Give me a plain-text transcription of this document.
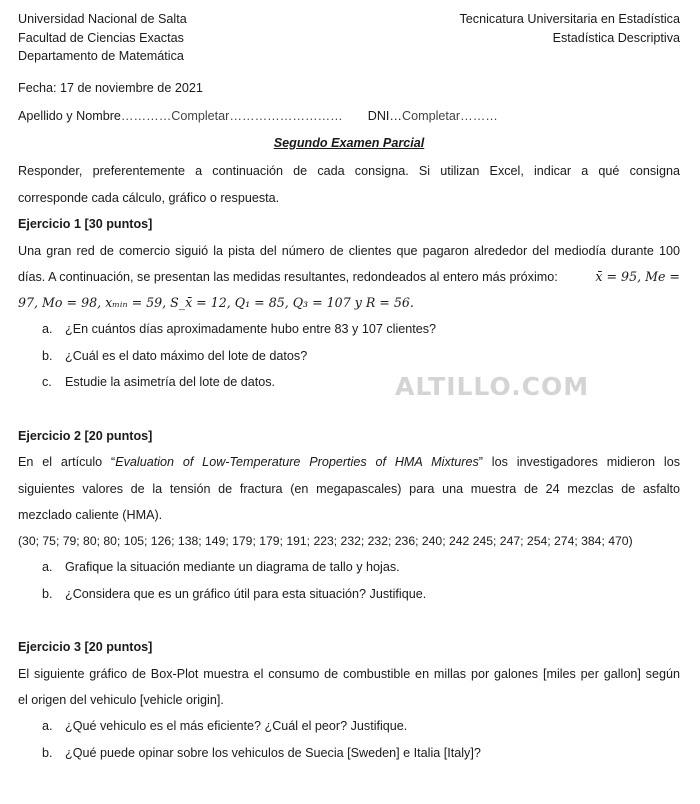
Universidad Nacional de Salta
Facultad de Ciencias Exactas
Departamento de Matemática
Tecnicatura Universitaria en Estadística
Estadística Descriptiva
Fecha: 17 de noviembre de 2021
Apellido y Nombre…………Completar……………………… DNI…Completar………
Segundo Examen Parcial
Responder, preferentemente a continuación de cada consigna. Si utilizan Excel, indicar a qué consigna
corresponde cada cálculo, gráfico o respuesta.
Ejercicio 1 [30 puntos]
Una gran red de comercio siguió la pista del número de clientes que pagaron alrededor del mediodía durante 100
días. A continuación, se presentan las medidas resultantes, redondeados al entero más próximo:	x̄ = 95, Me =
97, Mo = 98, xₘᵢₙ = 59, S_x̄ = 12, Q₁ = 85, Q₃ = 107 y R = 56.
a. ¿En cuántos días aproximadamente hubo entre 83 y 107 clientes?
b. ¿Cuál es el dato máximo del lote de datos?
c. Estudie la asimetría del lote de datos.
Ejercicio 2 [20 puntos]
En el artículo “Evaluation of Low-Temperature Properties of HMA Mixtures” los investigadores midieron los
siguientes valores de la tensión de fractura (en megapascales) para una muestra de 24 mezclas de asfalto
mezclado caliente (HMA).
(30; 75; 79; 80; 80; 105; 126; 138; 149; 179; 179; 191; 223; 232; 232; 236; 240; 242 245; 247; 254; 274; 384; 470)
a. Grafique la situación mediante un diagrama de tallo y hojas.
b. ¿Considera que es un gráfico útil para esta situación? Justifique.
Ejercicio 3 [20 puntos]
El siguiente gráfico de Box-Plot muestra el consumo de combustible en millas por galones [miles per gallon] según
el origen del vehiculo [vehicle origin].
a. ¿Qué vehiculo es el más eficiente? ¿Cuál el peor? Justifique.
b. ¿Qué puede opinar sobre los vehiculos de Suecia [Sweden] e Italia [Italy]?
ALTILLO.COM
